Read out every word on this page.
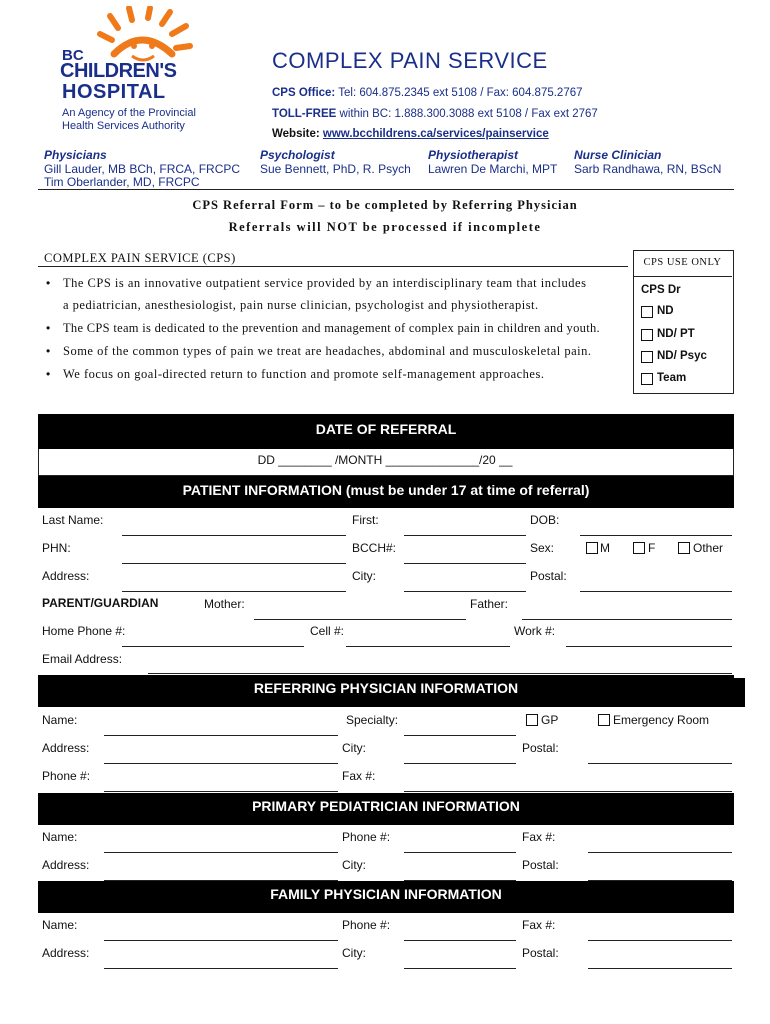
BC
CHILDREN'S
HOSPITAL
An Agency of the Provincial
Health Services Authority
COMPLEX PAIN SERVICE
CPS Office: Tel: 604.875.2345 ext 5108 / Fax: 604.875.2767
TOLL-FREE within BC: 1.888.300.3088 ext 5108 / Fax ext 2767
Website: www.bcchildrens.ca/services/painservice
Physicians
Gill Lauder, MB BCh, FRCA, FRCPC
Tim Oberlander, MD, FRCPC
Psychologist
Sue Bennett, PhD, R. Psych
Physiotherapist
Lawren De Marchi, MPT
Nurse Clinician
Sarb Randhawa, RN, BScN
CPS Referral Form – to be completed by Referring Physician
Referrals will NOT be processed if incomplete
COMPLEX PAIN SERVICE (CPS)
• The CPS is an innovative outpatient service provided by an interdisciplinary team that includes
a pediatrician, anesthesiologist, pain nurse clinician, psychologist and physiotherapist.
• The CPS team is dedicated to the prevention and management of complex pain in children and youth.
• Some of the common types of pain we treat are headaches, abdominal and musculoskeletal pain.
• We focus on goal-directed return to function and promote self-management approaches.
CPS USE ONLY
CPS Dr
ND
ND/ PT
ND/ Psyc
Team
DATE OF REFERRAL
DD ________ /MONTH ______________/20 __
PATIENT INFORMATION (must be under 17 at time of referral)
Last Name:	First:	DOB:
PHN:	BCCH#:	Sex:	M	F	Other
Address:	City:	Postal:
PARENT/GUARDIAN	Mother:	Father:
Home Phone #:	Cell #:	Work #:
Email Address:
REFERRING PHYSICIAN INFORMATION
Name:	Specialty:	GP	Emergency Room
Address:	City:	Postal:
Phone #:	Fax #:
PRIMARY PEDIATRICIAN INFORMATION
Name:	Phone #:	Fax #:
Address:	City:	Postal:
FAMILY PHYSICIAN INFORMATION
Name:	Phone #:	Fax #:
Address:	City:	Postal:
